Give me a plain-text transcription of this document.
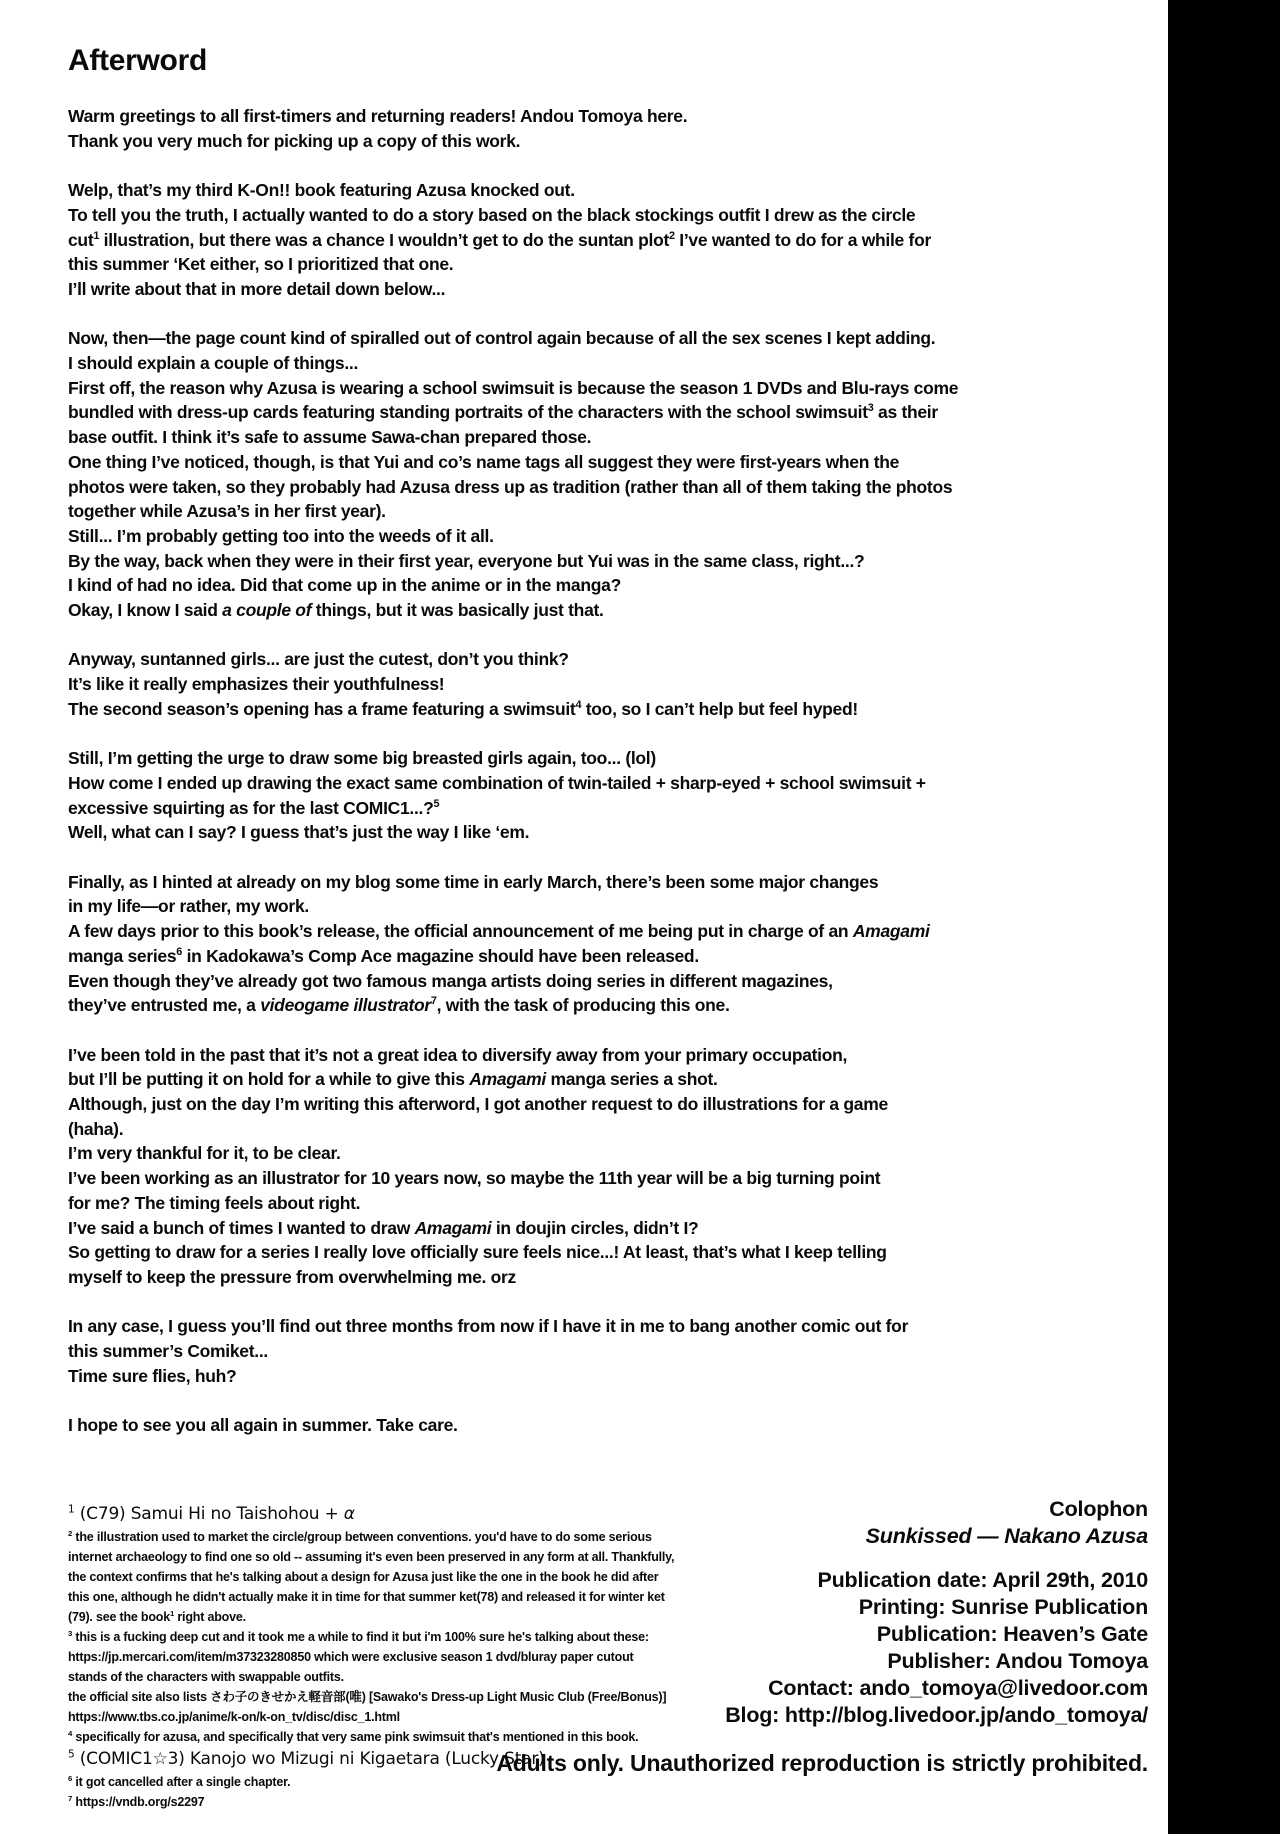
Afterword

Warm greetings to all first-timers and returning readers! Andou Tomoya here.
Thank you very much for picking up a copy of this work.

Welp, that’s my third K-On!! book featuring Azusa knocked out.
To tell you the truth, I actually wanted to do a story based on the black stockings outfit I drew as the circle
cut$^1$ illustration, but there was a chance I wouldn’t get to do the suntan plot$^2$ I’ve wanted to do for a while for
this summer ‘Ket either, so I prioritized that one.
I’ll write about that in more detail down below...

Now, then—the page count kind of spiralled out of control again because of all the sex scenes I kept adding.
I should explain a couple of things...
First off, the reason why Azusa is wearing a school swimsuit is because the season 1 DVDs and Blu-rays come
bundled with dress-up cards featuring standing portraits of the characters with the school swimsuit$^3$ as their
base outfit. I think it’s safe to assume Sawa-chan prepared those.
One thing I’ve noticed, though, is that Yui and co’s name tags all suggest they were first-years when the
photos were taken, so they probably had Azusa dress up as tradition (rather than all of them taking the photos
together while Azusa’s in her first year).
Still... I’m probably getting too into the weeds of it all.
By the way, back when they were in their first year, everyone but Yui was in the same class, right...?
I kind of had no idea. Did that come up in the anime or in the manga?
Okay, I know I said a couple of things, but it was basically just that.

Anyway, suntanned girls... are just the cutest, don’t you think?
It’s like it really emphasizes their youthfulness!
The second season’s opening has a frame featuring a swimsuit$^4$ too, so I can’t help but feel hyped!

Still, I’m getting the urge to draw some big breasted girls again, too... (lol)
How come I ended up drawing the exact same combination of twin-tailed + sharp-eyed + school swimsuit +
excessive squirting as for the last COMIC1...?$^5$
Well, what can I say? I guess that’s just the way I like ‘em.

Finally, as I hinted at already on my blog some time in early March, there’s been some major changes
in my life—or rather, my work.
A few days prior to this book’s release, the official announcement of me being put in charge of an Amagami
manga series$^6$ in Kadokawa’s Comp Ace magazine should have been released.
Even though they’ve already got two famous manga artists doing series in different magazines,
they’ve entrusted me, a videogame illustrator$^7$, with the task of producing this one.

I’ve been told in the past that it’s not a great idea to diversify away from your primary occupation,
but I’ll be putting it on hold for a while to give this Amagami manga series a shot.
Although, just on the day I’m writing this afterword, I got another request to do illustrations for a game
(haha).
I’m very thankful for it, to be clear.
I’ve been working as an illustrator for 10 years now, so maybe the 11th year will be a big turning point
for me? The timing feels about right.
I’ve said a bunch of times I wanted to draw Amagami in doujin circles, didn’t I?
So getting to draw for a series I really love officially sure feels nice...! At least, that’s what I keep telling
myself to keep the pressure from overwhelming me. orz

In any case, I guess you’ll find out three months from now if I have it in me to bang another comic out for
this summer’s Comiket...
Time sure flies, huh?

I hope to see you all again in summer. Take care.

$^1$ (C79) Samui Hi no Taishohou + α
$^2$ the illustration used to market the circle/group between conventions. you'd have to do some serious
internet archaeology to find one so old -- assuming it's even been preserved in any form at all. Thankfully,
the context confirms that he's talking about a design for Azusa just like the one in the book he did after
this one, although he didn't actually make it in time for that summer ket(78) and released it for winter ket
(79). see the book$^1$ right above.
$^3$ this is a fucking deep cut and it took me a while to find it but i'm 100% sure he's talking about these:
https://jp.mercari.com/item/m37323280850 which were exclusive season 1 dvd/bluray paper cutout
stands of the characters with swappable outfits.
the official site also lists さわ子のきせかえ軽音部(唯) [Sawako's Dress-up Light Music Club (Free/Bonus)]
https://www.tbs.co.jp/anime/k-on/k-on_tv/disc/disc_1.html
$^4$ specifically for azusa, and specifically that very same pink swimsuit that's mentioned in this book.
$^5$ (COMIC1☆3) Kanojo wo Mizugi ni Kigaetara (Lucky Star)
$^6$ it got cancelled after a single chapter.
$^7$ https://vndb.org/s2297
Colophon
Sunkissed — Nakano Azusa
Publication date: April 29th, 2010
Printing: Sunrise Publication
Publication: Heaven’s Gate
Publisher: Andou Tomoya
Contact: ando_tomoya@livedoor.com
Blog: http://blog.livedoor.jp/ando_tomoya/
Adults only. Unauthorized reproduction is strictly prohibited.
